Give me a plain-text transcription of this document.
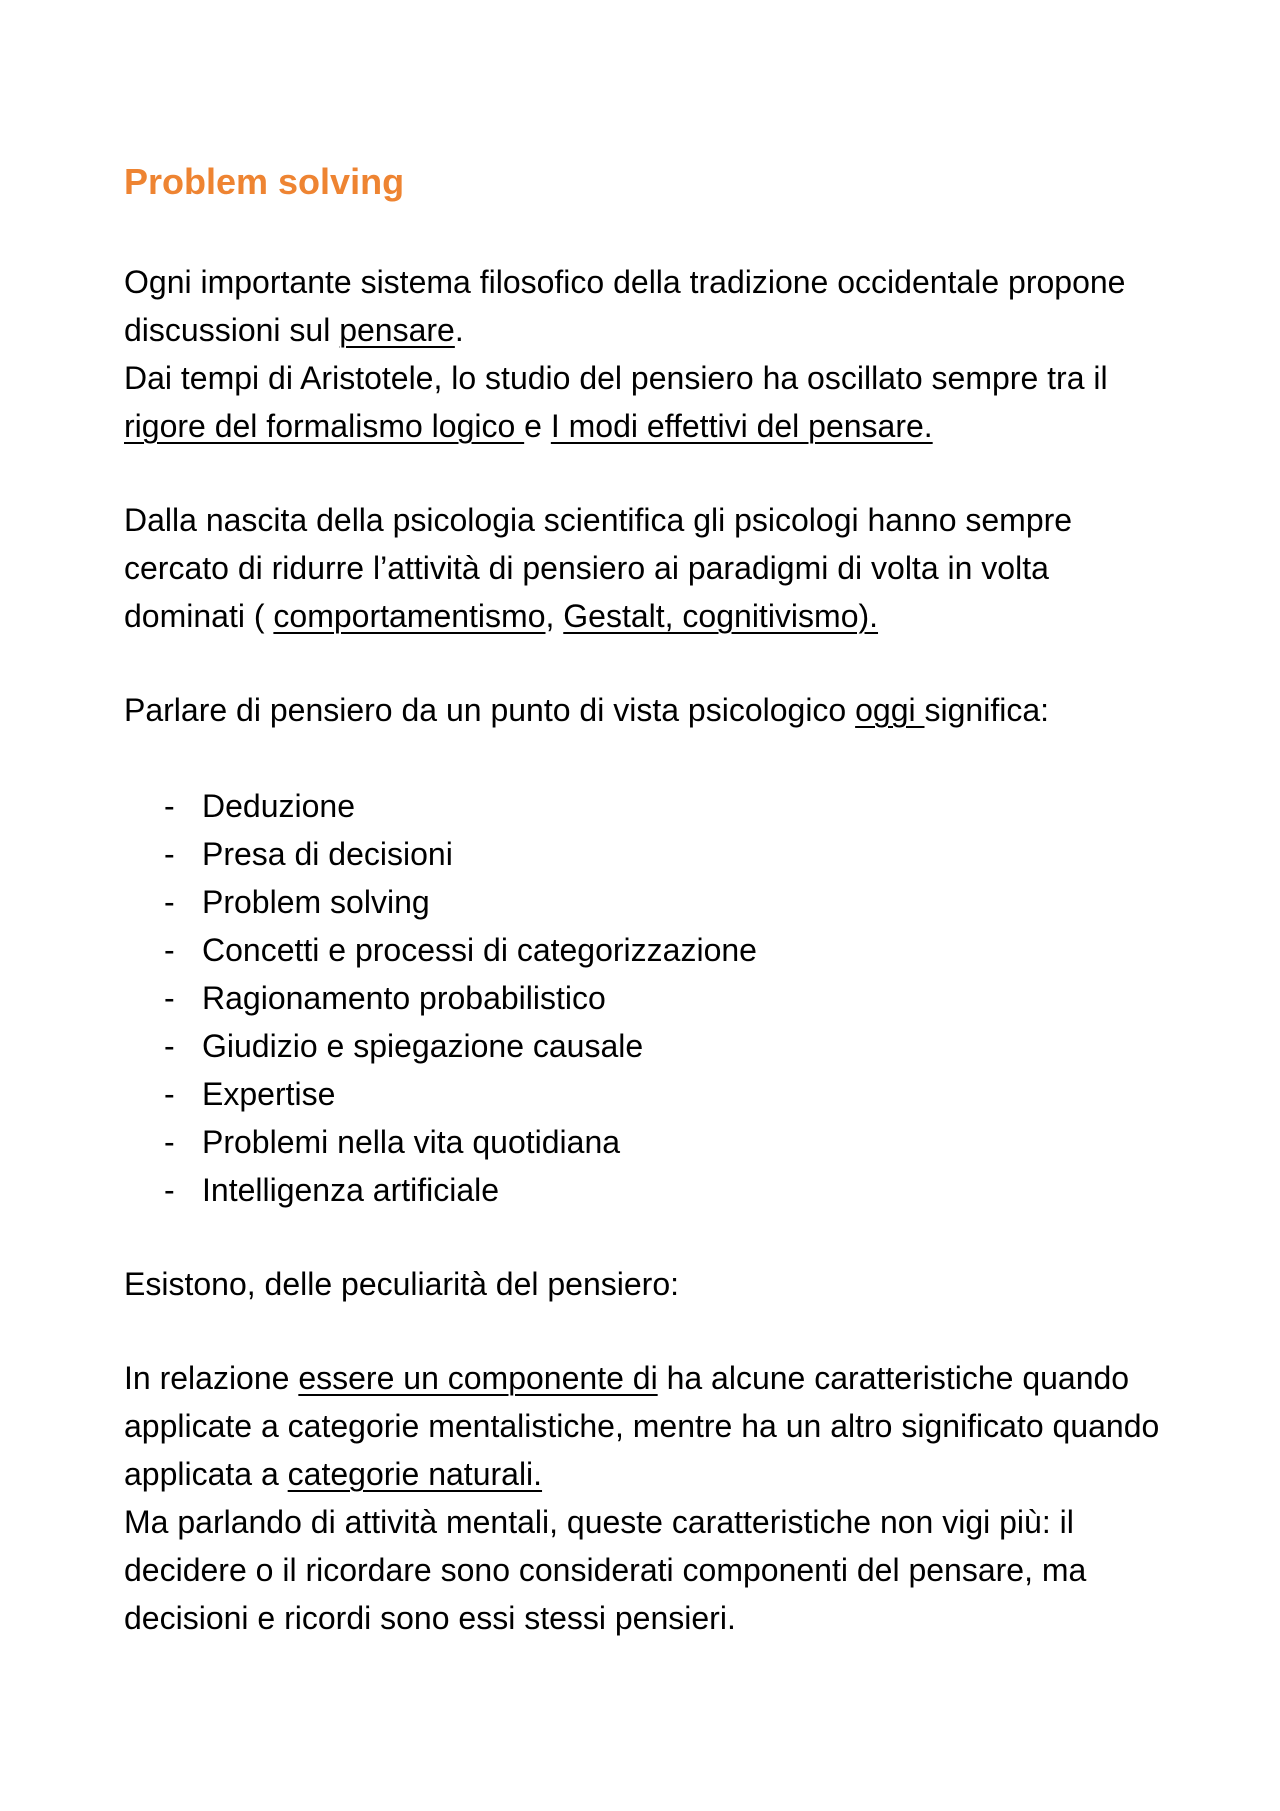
Problem solving

Ogni importante sistema filosofico della tradizione occidentale propone discussioni sul pensare.
Dai tempi di Aristotele, lo studio del pensiero ha oscillato sempre tra il rigore del formalismo logico e I modi effettivi del pensare.

Dalla nascita della psicologia scientifica gli psicologi hanno sempre cercato di ridurre l’attività di pensiero ai paradigmi di volta in volta dominati ( comportamentismo, Gestalt, cognitivismo).

Parlare di pensiero da un punto di vista psicologico oggi significa:

- Deduzione
- Presa di decisioni
- Problem solving
- Concetti e processi di categorizzazione
- Ragionamento probabilistico
- Giudizio e spiegazione causale
- Expertise
- Problemi nella vita quotidiana
- Intelligenza artificiale

Esistono, delle peculiarità del pensiero:

In relazione essere un componente di ha alcune caratteristiche quando applicate a categorie mentalistiche, mentre ha un altro significato quando applicata a categorie naturali.
Ma parlando di attività mentali, queste caratteristiche non vigi più: il decidere o il ricordare sono considerati componenti del pensare, ma decisioni e ricordi sono essi stessi pensieri.
